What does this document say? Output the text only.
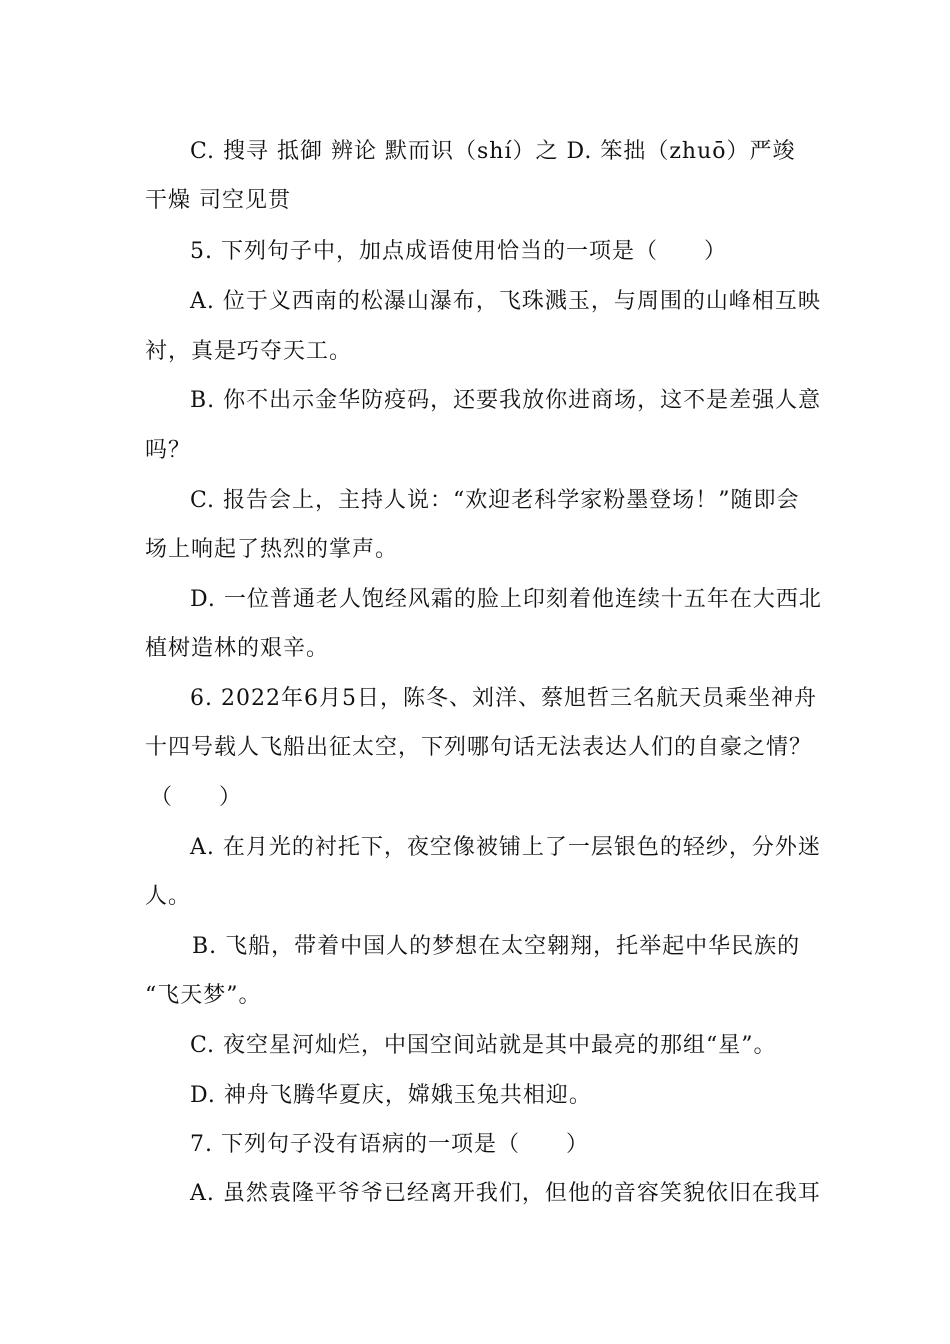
C. 搜寻 抵御 辨论 默而识（shí）之 D. 笨拙（zhuō）严竣
干燥 司空见贯
5. 下列句子中，加点成语使用恰当的一项是（　　）
A. 位于义西南的松瀑山瀑布，飞珠溅玉，与周围的山峰相互映
衬，真是巧夺天工。
B. 你不出示金华防疫码，还要我放你进商场，这不是差强人意
吗？
C. 报告会上，主持人说：“欢迎老科学家粉墨登场！”随即会
场上响起了热烈的掌声。
D. 一位普通老人饱经风霜的脸上印刻着他连续十五年在大西北
植树造林的艰辛。
6. 2022年6月5日，陈冬、刘洋、蔡旭哲三名航天员乘坐神舟
十四号载人飞船出征太空，下列哪句话无法表达人们的自豪之情？
（　　）
A. 在月光的衬托下，夜空像被铺上了一层银色的轻纱，分外迷
人。
B. 飞船，带着中国人的梦想在太空翱翔，托举起中华民族的
“飞天梦”。
C. 夜空星河灿烂，中国空间站就是其中最亮的那组“星”。
D. 神舟飞腾华夏庆，嫦娥玉兔共相迎。
7. 下列句子没有语病的一项是（　　）
A. 虽然袁隆平爷爷已经离开我们，但他的音容笑貌依旧在我耳
